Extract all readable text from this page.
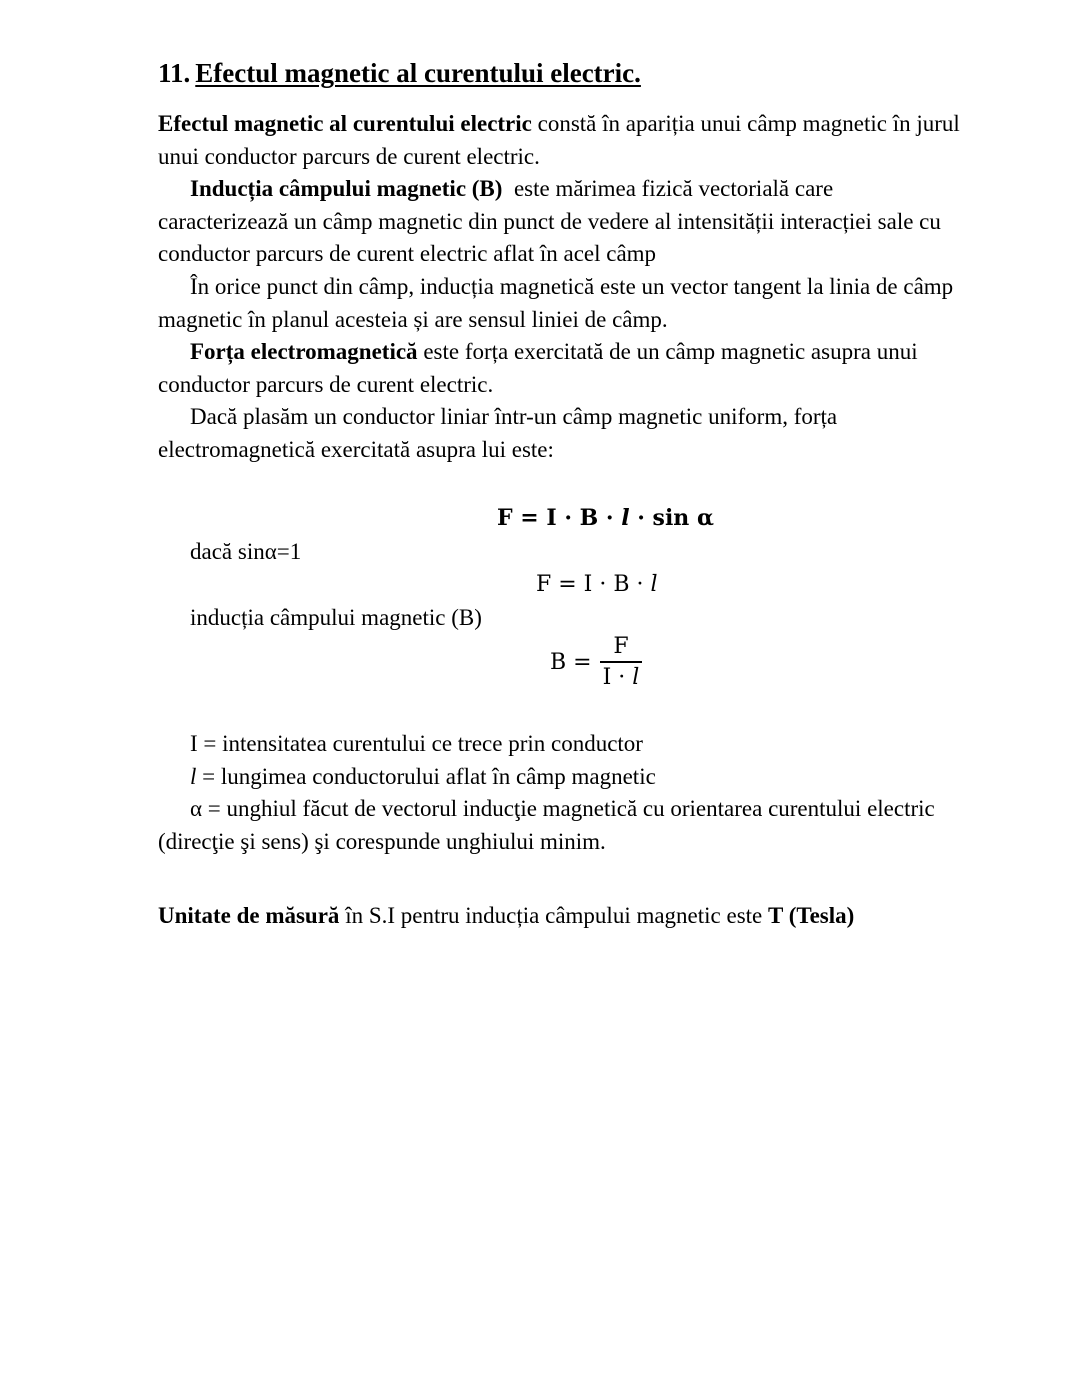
11. Efectul magnetic al curentului electric.

Efectul magnetic al curentului electric constă în apariția unui câmp magnetic în jurul
unui conductor parcurs de curent electric.

Inducția câmpului magnetic (B)  este mărimea fizică vectorială care
caracterizează un câmp magnetic din punct de vedere al intensității interacției sale cu
conductor parcurs de curent electric aflat în acel câmp

În orice punct din câmp, inducția magnetică este un vector tangent la linia de câmp
magnetic în planul acesteia și are sensul liniei de câmp.

Forța electromagnetică este forța exercitată de un câmp magnetic asupra unui
conductor parcurs de curent electric.

Dacă plasăm un conductor liniar într-un câmp magnetic uniform, forța
electromagnetică exercitată asupra lui este:

F = I · B · l · sin α
dacă sinα=1
F = I · B · l
inducția câmpului magnetic (B)
$B = \frac{F}{I \cdot l}$

I = intensitatea curentului ce trece prin conductor

l = lungimea conductorului aflat în câmp magnetic

α = unghiul făcut de vectorul inducţie magnetică cu orientarea curentului electric
(direcţie şi sens) şi corespunde unghiului minim.

Unitate de măsură în S.I pentru inducția câmpului magnetic este T (Tesla)
